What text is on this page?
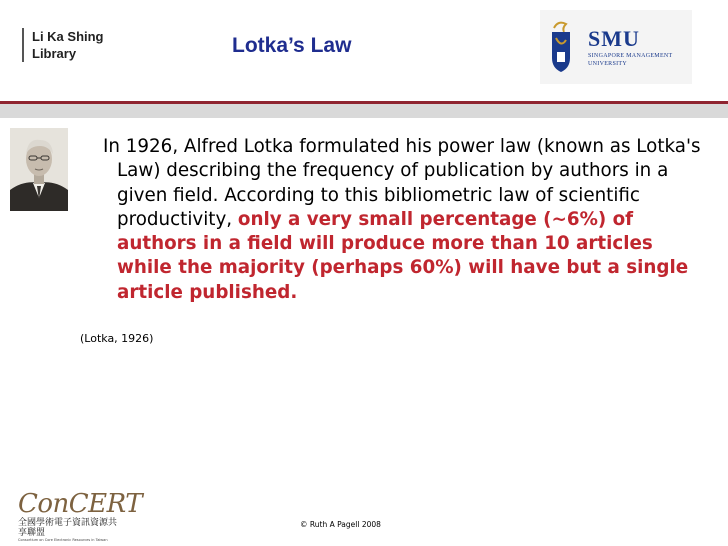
Li Ka Shing
Library	Lotka’s Law	SMU
SINGAPORE MANAGEMENT
UNIVERSITY

In 1926, Alfred Lotka formulated his power law (known as Lotka's Law) describing the frequency of publication by authors in a given field. According to this bibliometric law of scientific productivity, only a very small percentage (~6%) of authors in a field will produce more than 10 articles while the majority (perhaps 60%) will have but a single article published.

(Lotka, 1926)
ConCERT
全國學術電子資訊資源共享聯盟
Consortium on Core Electronic Resources in Taiwan
© Ruth A Pagell 2008
